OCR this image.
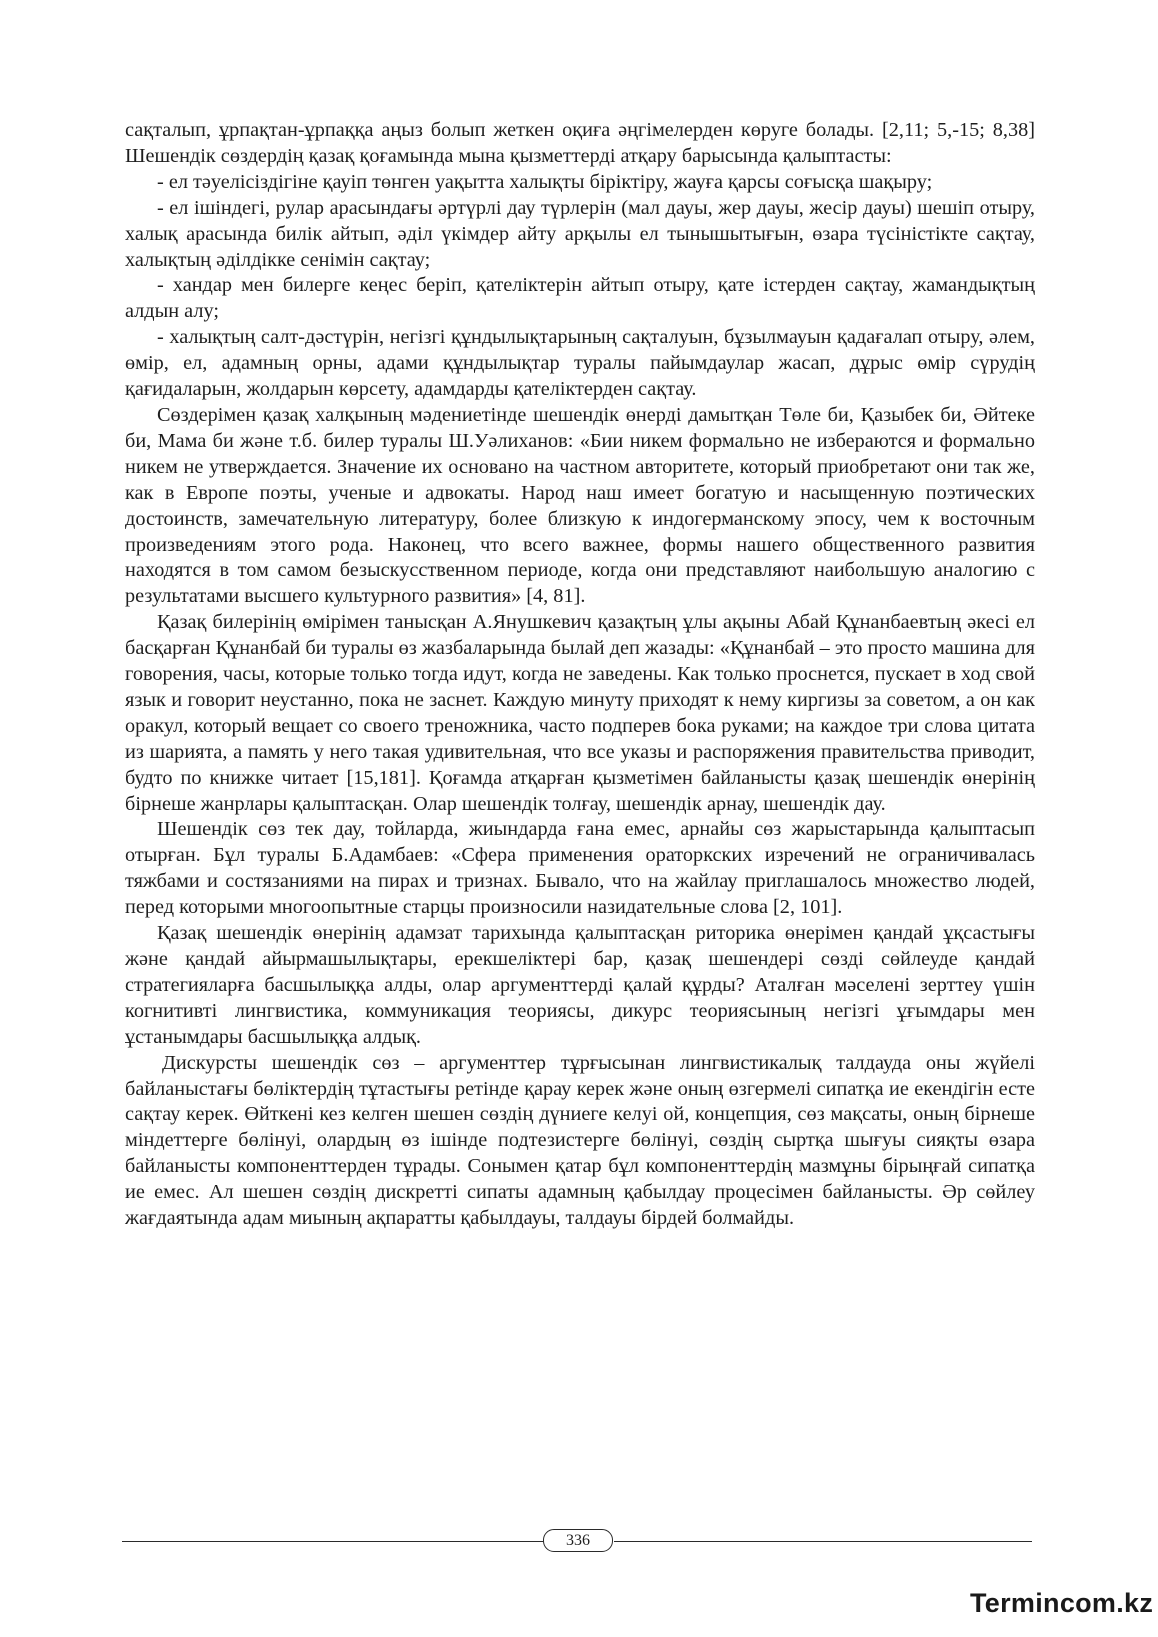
сақталып, ұрпақтан-ұрпаққа аңыз болып жеткен оқиға әңгімелерден көруге болады. [2,11; 5,-15; 8,38] Шешендік сөздердің қазақ қоғамында мына қызметтерді атқару барысында қалыптасты:

- ел тәуелісіздігіне қауіп төнген уақытта халықты біріктіру, жауға қарсы соғысқа шақыру;

- ел ішіндегі, рулар арасындағы әртүрлі дау түрлерін (мал дауы, жер дауы, жесір дауы) шешіп отыру, халық арасында билік айтып, әділ үкімдер айту арқылы ел тынышытығын, өзара түсіністікте сақтау, халықтың әділдікке сенімін сақтау;

- хандар мен билерге кеңес беріп, қателіктерін айтып отыру, қате істерден сақтау, жамандықтың алдын алу;

- халықтың салт-дәстүрін, негізгі құндылықтарының сақталуын, бұзылмауын қадағалап отыру, әлем, өмір, ел, адамның орны, адами құндылықтар туралы пайымдаулар жасап, дұрыс өмір сүрудің қағидаларын, жолдарын көрсету, адамдарды қателіктерден сақтау.

Сөздерімен қазақ халқының мәдениетінде шешендік өнерді дамытқан Төле би, Қазыбек би, Әйтеке би, Мама би және т.б. билер туралы Ш.Уәлиханов: «Бии никем формально не избераются и формально никем не утверждается. Значение их основано на частном авторитете, который приобретают они так же, как в Европе поэты, ученые и адвокаты. Народ наш имеет богатую и насыщенную поэтических достоинств, замечательную литературу, более близкую к индогерманскому эпосу, чем к восточным произведениям этого рода. Наконец, что всего важнее, формы нашего общественного развития находятся в том самом безыскусственном периоде, когда они представляют наибольшую аналогию с результатами высшего культурного развития» [4, 81].

Қазақ билерінің өмірімен танысқан А.Янушкевич қазақтың ұлы ақыны Абай Құнанбаевтың әкесі ел басқарған Құнанбай би туралы өз жазбаларында былай деп жазады: «Құнанбай – это просто машина для говорения, часы, которые только тогда идут, когда не заведены. Как только проснется, пускает в ход свой язык и говорит неустанно, пока не заснет. Каждую минуту приходят к нему киргизы за советом, а он как оракул, который вещает со своего треножника, часто подперев бока руками; на каждое три слова цитата из шариятa, а память у него такая удивительная, что все указы и распоряжения правительства приводит, будто по книжке читает [15,181]. Қоғамда атқарған қызметімен байланысты қазақ шешендік өнерінің бірнеше жанрлары қалыптасқан. Олар шешендік толғау, шешендік арнау, шешендік дау.

Шешендік сөз тек дау, тойларда, жиындарда ғана емес, арнайы сөз жарыстарында қалыптасып отырған. Бұл туралы Б.Адамбаев: «Сфера применения ораторкских изречений не ограничивалась тяжбами и состязаниями на пирах и тризнах. Бывало, что на жайлау приглашалось множество людей, перед которыми многоопытные старцы произносили назидательные слова [2, 101].

Қазақ шешендік өнерінің адамзат тарихында қалыптасқан риторика өнерімен қандай ұқсастығы және қандай айырмашылықтары, ерекшеліктері бар, қазақ шешендері сөзді сөйлеуде қандай стратегияларға басшылыққа алды, олар аргументтерді қалай құрды? Аталған мәселені зерттеу үшін когнитивті лингвистика, коммуникация теориясы, дикурс теориясының негізгі ұғымдары мен ұстанымдары басшылыққа алдық.

Дискурсты шешендік сөз – аргументтер тұрғысынан лингвистикалық талдауда оны жүйелі байланыстағы бөліктердің тұтастығы ретінде қарау керек және оның өзгермелі сипатқа ие екендігін есте сақтау керек. Өйткені кез келген шешен сөздің дүниеге келуі ой, концепция, сөз мақсаты, оның бірнеше міндеттерге бөлінуі, олардың өз ішінде подтезистерге бөлінуі, сөздің сыртқа шығуы сияқты өзара байланысты компоненттерден тұрады. Сонымен қатар бұл компоненттердің мазмұны бірыңғай сипатқа ие емес. Ал шешен сөздің дискретті сипаты адамның қабылдау процесімен байланысты. Әр сөйлеу жағдаятында адам миының ақпаратты қабылдауы, талдауы бірдей болмайды.

336
Termincom.kz
